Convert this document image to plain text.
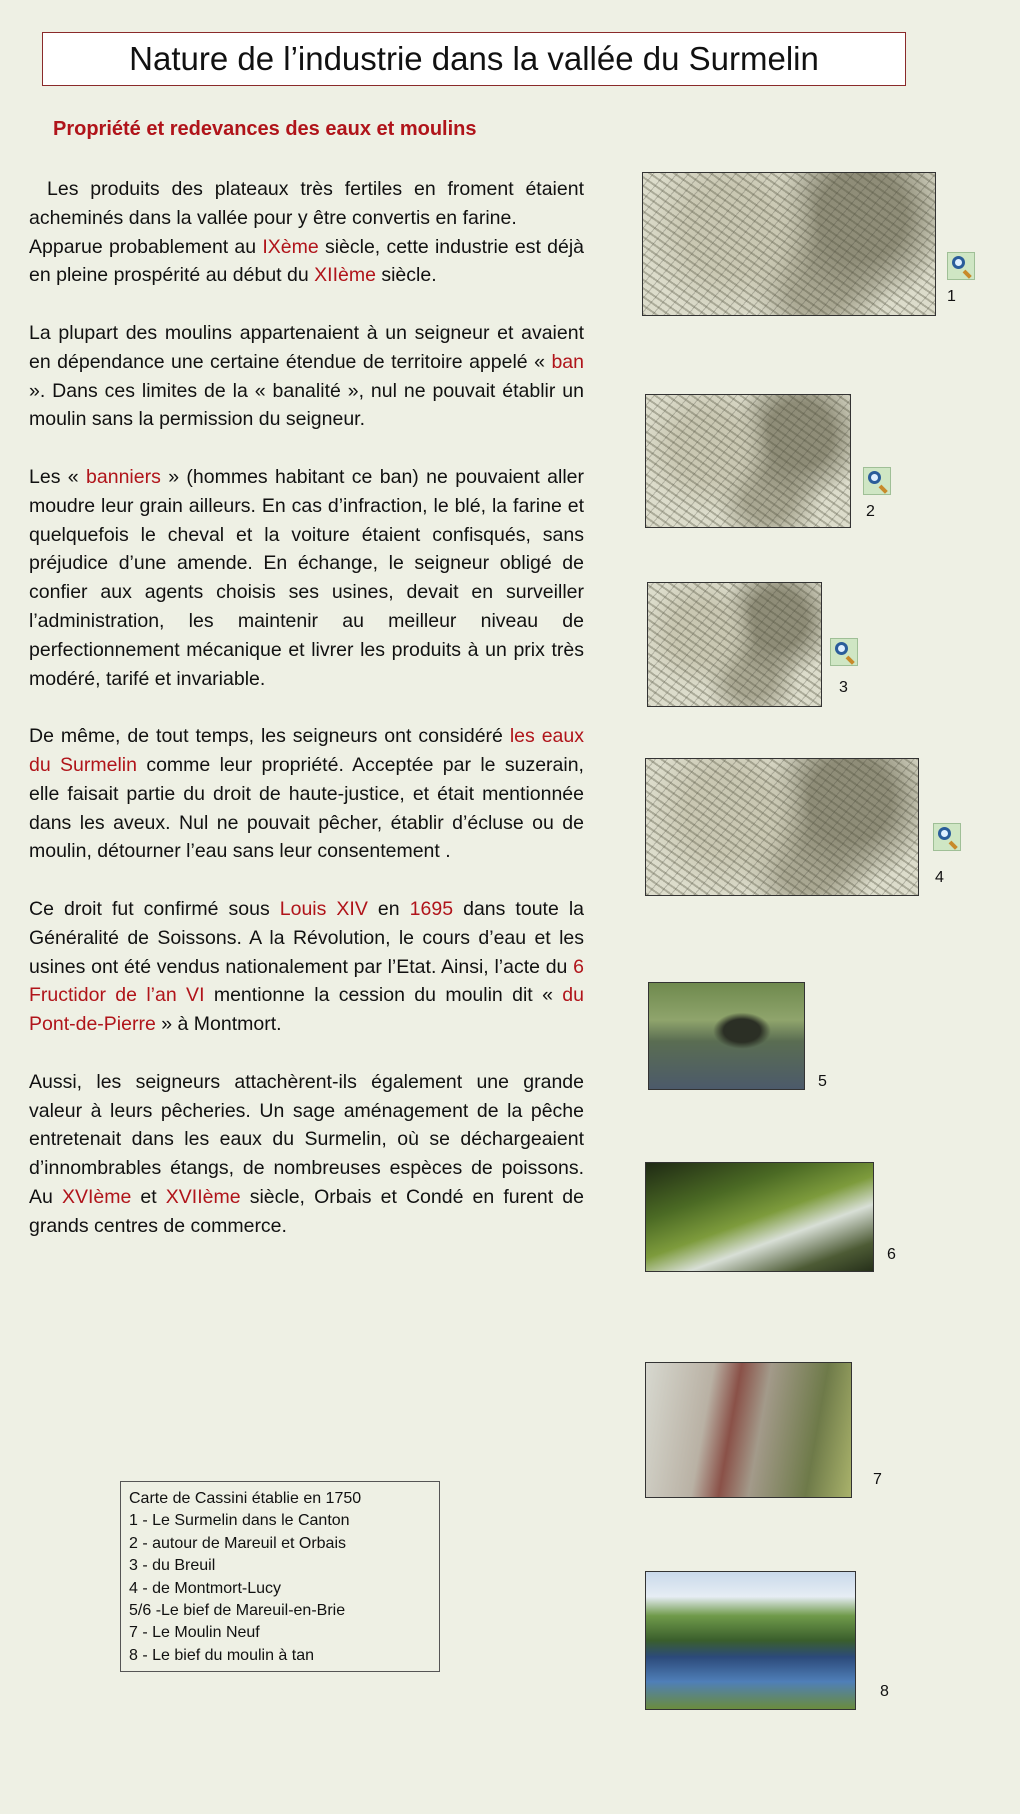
Nature de l’industrie dans la vallée du Surmelin
Propriété et redevances des eaux et moulins

Les produits des plateaux très fertiles en froment étaient acheminés dans la vallée pour y être convertis en farine.
Apparue probablement au IXème siècle, cette industrie est déjà en pleine prospérité au début du XIIème siècle.

La plupart des moulins appartenaient à un seigneur et avaient en dépendance une certaine étendue de territoire appelé « ban ». Dans ces limites de la « banalité », nul ne pouvait établir un moulin sans la permission du seigneur.

Les « banniers » (hommes habitant ce ban) ne pouvaient aller moudre leur grain ailleurs. En cas d’infraction, le blé, la farine et quelquefois le cheval et la voiture étaient confisqués, sans préjudice d’une amende. En échange, le seigneur obligé de confier aux agents choisis ses usines, devait en surveiller l’administration, les maintenir au meilleur niveau de perfectionnement mécanique et livrer les produits à un prix très modéré, tarifé et invariable.

De même, de tout temps, les seigneurs ont considéré les eaux du Surmelin comme leur propriété. Acceptée par le suzerain, elle faisait partie du droit de haute-justice, et était mentionnée dans les aveux. Nul ne pouvait pêcher, établir d’écluse ou de moulin, détourner l’eau sans leur consentement .

Ce droit fut confirmé sous Louis XIV en 1695 dans toute la Généralité de Soissons. A la Révolution, le cours d’eau et les usines ont été vendus nationalement par l’Etat. Ainsi, l’acte du 6 Fructidor de l’an VI mentionne la cession du moulin dit « du Pont-de-Pierre » à Montmort.

Aussi, les seigneurs attachèrent-ils également une grande valeur à leurs pêcheries. Un sage aménagement de la pêche entretenait dans les eaux du Surmelin, où se déchargeaient d’innombrables étangs, de nombreuses espèces de poissons. Au XVIème et XVIIème siècle, Orbais et Condé en furent de grands centres de commerce.

1
2
3
4
5
6
7
8
Carte de Cassini établie en 1750
1 - Le Surmelin dans le Canton
2 - autour de Mareuil et Orbais
3 - du Breuil
4 - de Montmort-Lucy
5/6 -Le bief de Mareuil-en-Brie
7 - Le Moulin Neuf
8 - Le bief du moulin à tan
